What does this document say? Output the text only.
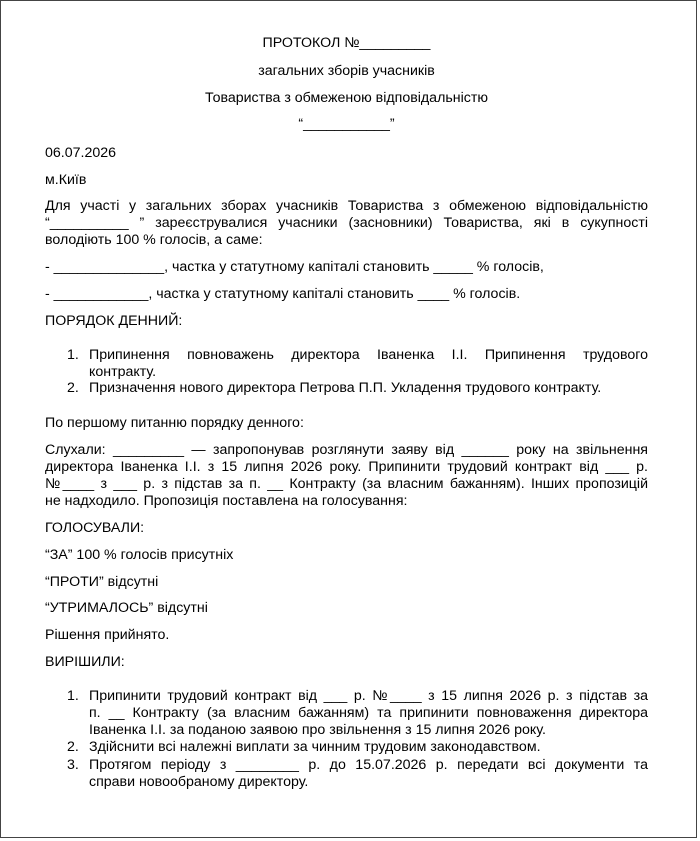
ПРОТОКОЛ №_________
загальних зборів учасників
Товариства з обмеженою відповідальністю
“___________”
06.07.2026
м.Київ
Для участі у загальних зборах учасників Товариства з обмеженою відповідальністю
“__________ ” зареєструвалися учасники (засновники) Товариства, які в сукупності
володіють 100 % голосів, а саме:
- ______________, частка у статутному капіталі становить _____ % голосів,
- ____________, частка у статутному капіталі становить ____ % голосів.
ПОРЯДОК ДЕННИЙ:
1. Припинення повноважень директора Іваненка І.І. Припинення трудового
контракту.
2. Призначення нового директора Петрова П.П. Укладення трудового контракту.
По першому питанню порядку денного:
Слухали: _________ — запропонував розглянути заяву від ______ року на звільнення
директора Іваненка І.І. з 15 липня 2026 року. Припинити трудовий контракт від ___ р.
№____ з ___ р. з підстав за п. __ Контракту (за власним бажанням). Інших пропозицій
не надходило. Пропозиція поставлена на голосування:
ГОЛОСУВАЛИ:
“ЗА” 100 % голосів присутніх
“ПРОТИ” відсутні
“УТРИМАЛОСЬ” відсутні
Рішення прийнято.
ВИРІШИЛИ:
1. Припинити трудовий контракт від ___ р. №____ з 15 липня 2026 р. з підстав за
п. __ Контракту (за власним бажанням) та припинити повноваження директора
Іваненка І.І. за поданою заявою про звільнення з 15 липня 2026 року.
2. Здійснити всі належні виплати за чинним трудовим законодавством.
3. Протягом періоду з ________ р. до 15.07.2026 р. передати всі документи та
справи новообраному директору.
